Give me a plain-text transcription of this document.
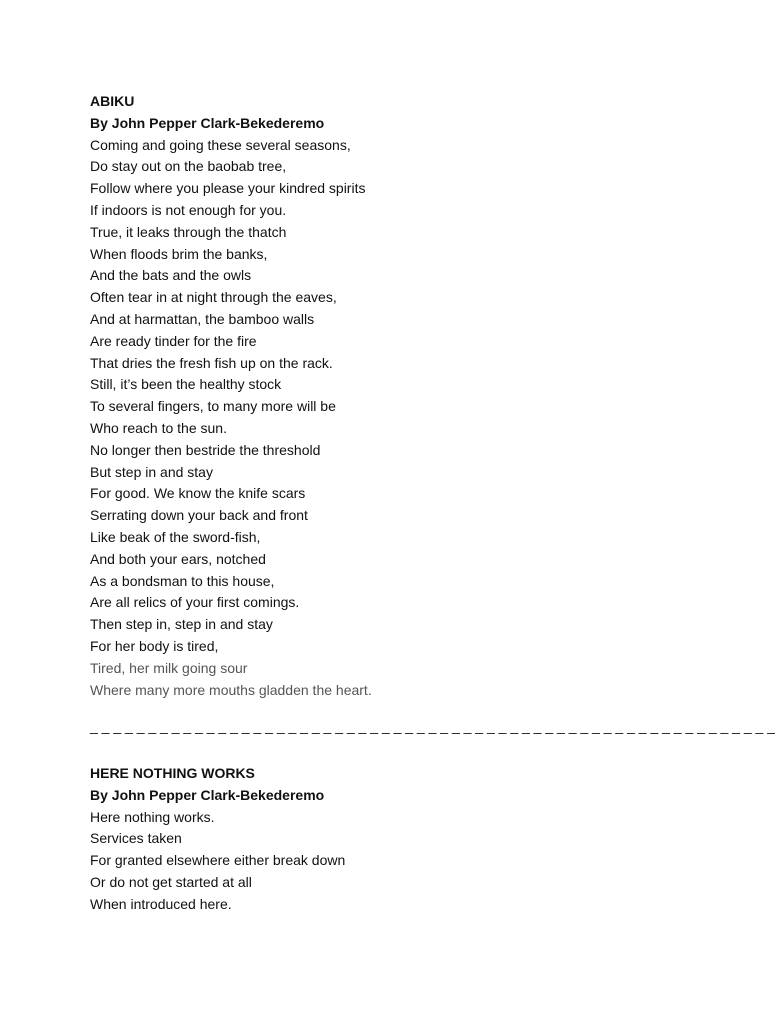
ABIKU
By John Pepper Clark-Bekederemo
Coming and going these several seasons,
Do stay out on the baobab tree,
Follow where you please your kindred spirits
If indoors is not enough for you.
True, it leaks through the thatch
When floods brim the banks,
And the bats and the owls
Often tear in at night through the eaves,
And at harmattan, the bamboo walls
Are ready tinder for the fire
That dries the fresh fish up on the rack.
Still, it’s been the healthy stock
To several fingers, to many more will be
Who reach to the sun.
No longer then bestride the threshold
But step in and stay
For good. We know the knife scars
Serrating down your back and front
Like beak of the sword-fish,
And both your ears, notched
As a bondsman to this house,
Are all relics of your first comings.
Then step in, step in and stay
For her body is tired,
Tired, her milk going sour
Where many more mouths gladden the heart.
_ _ _ _ _ _ _ _ _ _ _ _ _ _ _ _ _ _ _ _ _ _ _ _ _ _ _ _ _ _ _ _ _ _ _ _ _ _ _ _ _ _ _ _ _ _ _ _ _ _ _ _ _ _ _ _ _ _ _
HERE NOTHING WORKS
By John Pepper Clark-Bekederemo
Here nothing works.
Services taken
For granted elsewhere either break down
Or do not get started at all
When introduced here.
